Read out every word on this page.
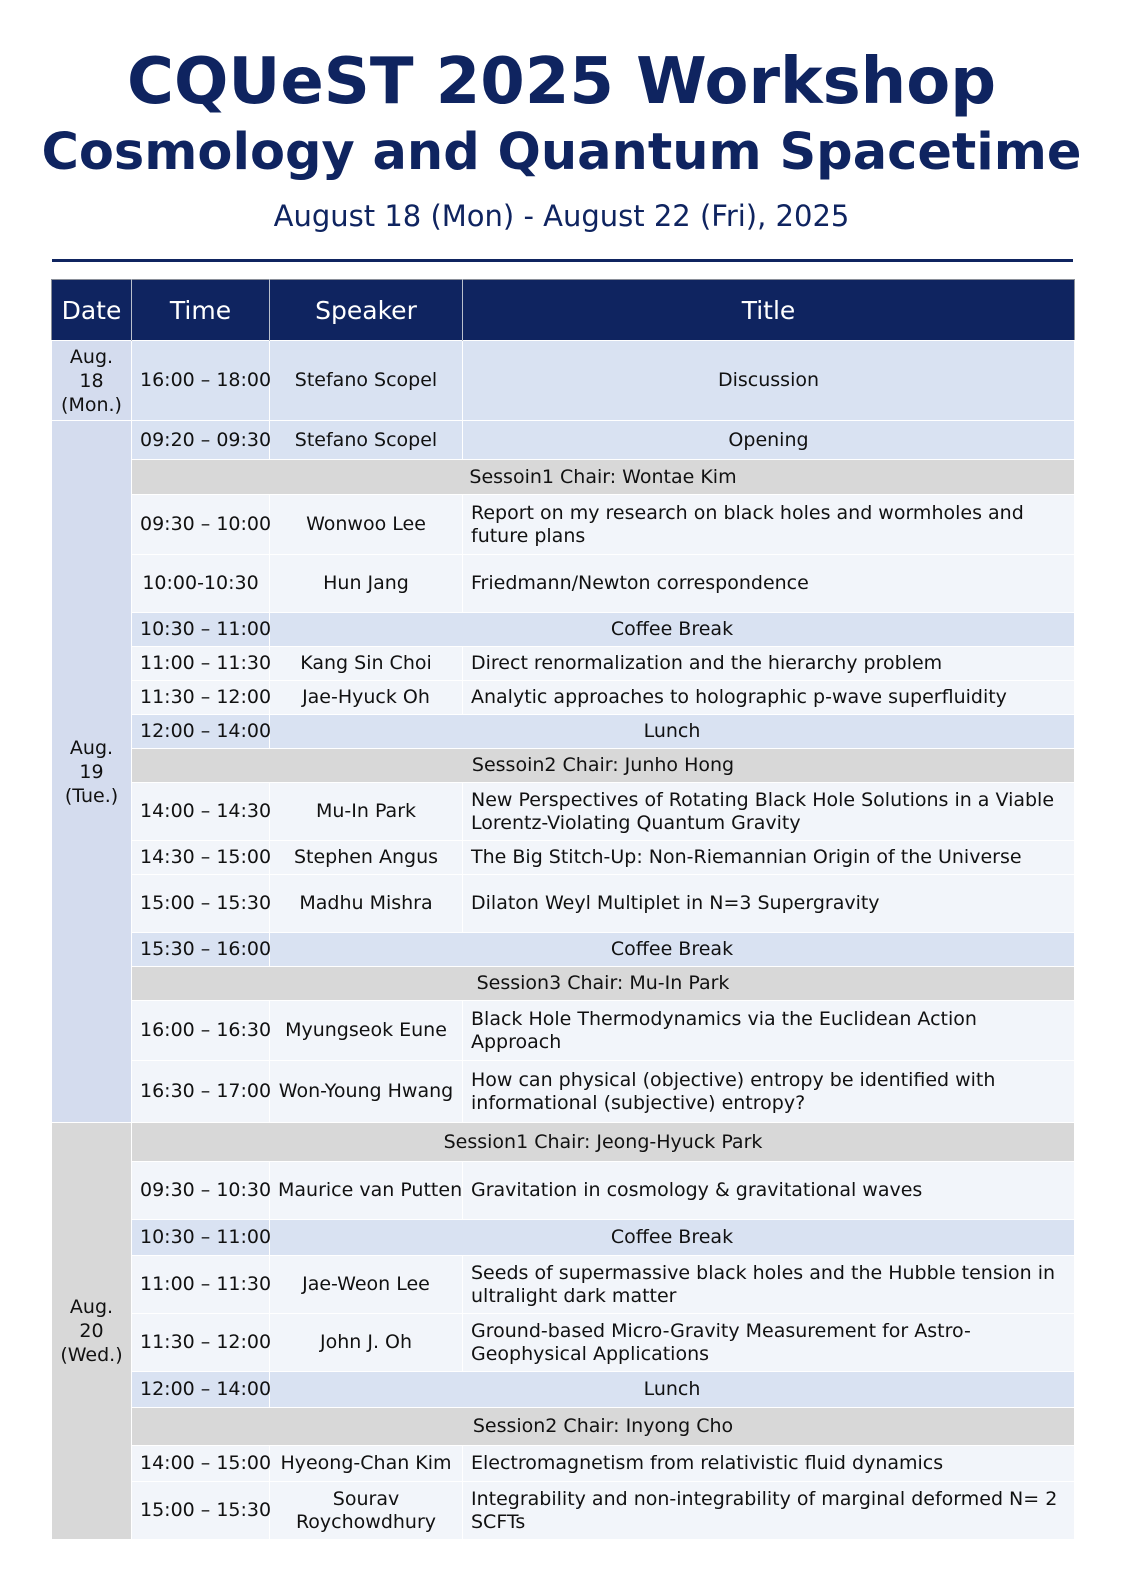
CQUeST 2025 Workshop
Cosmology and Quantum Spacetime
August 18 (Mon) - August 22 (Fri), 2025
Date	Time	Speaker	Title

Aug.
18
(Mon.)	16:00 – 18:00	Stefano Scopel	Discussion

Aug.
19
(Tue.)	09:20 – 09:30	Stefano Scopel	Opening
	Sessoin1 Chair: Wontae Kim		
	09:30 – 10:00	Wonwoo Lee	Report on my research on black holes and wormholes and future plans
	10:00-10:30	Hun Jang	Friedmann/Newton correspondence
	10:30 – 11:00	Coffee Break	
	11:00 – 11:30	Kang Sin Choi	Direct renormalization and the hierarchy problem
	11:30 – 12:00	Jae-Hyuck Oh	Analytic approaches to holographic p-wave superfluidity
	12:00 – 14:00	Lunch	
	Sessoin2 Chair: Junho Hong		
	14:00 – 14:30	Mu-In Park	New Perspectives of Rotating Black Hole Solutions in a Viable Lorentz-Violating Quantum Gravity
	14:30 – 15:00	Stephen Angus	The Big Stitch-Up: Non-Riemannian Origin of the Universe
	15:00 – 15:30	Madhu Mishra	Dilaton Weyl Multiplet in N=3 Supergravity
	15:30 – 16:00	Coffee Break	
	Session3 Chair: Mu-In Park		
	16:00 – 16:30	Myungseok Eune	Black Hole Thermodynamics via the Euclidean Action Approach
	16:30 – 17:00	Won-Young Hwang	How can physical (objective) entropy be identified with informational (subjective) entropy?

Aug.
20
(Wed.)	Session1 Chair: Jeong-Hyuck Park		
	09:30 – 10:30	Maurice van Putten	Gravitation in cosmology & gravitational waves
	10:30 – 11:00	Coffee Break	
	11:00 – 11:30	Jae-Weon Lee	Seeds of supermassive black holes and the Hubble tension in ultralight dark matter
	11:30 – 12:00	John J. Oh	Ground-based Micro-Gravity Measurement for Astro-Geophysical Applications
	12:00 – 14:00	Lunch	
	Session2 Chair: Inyong Cho		
	14:00 – 15:00	Hyeong-Chan Kim	Electromagnetism from relativistic fluid dynamics
	15:00 – 15:30	Sourav
Roychowdhury	Integrability and non-integrability of marginal deformed N= 2 SCFTs
